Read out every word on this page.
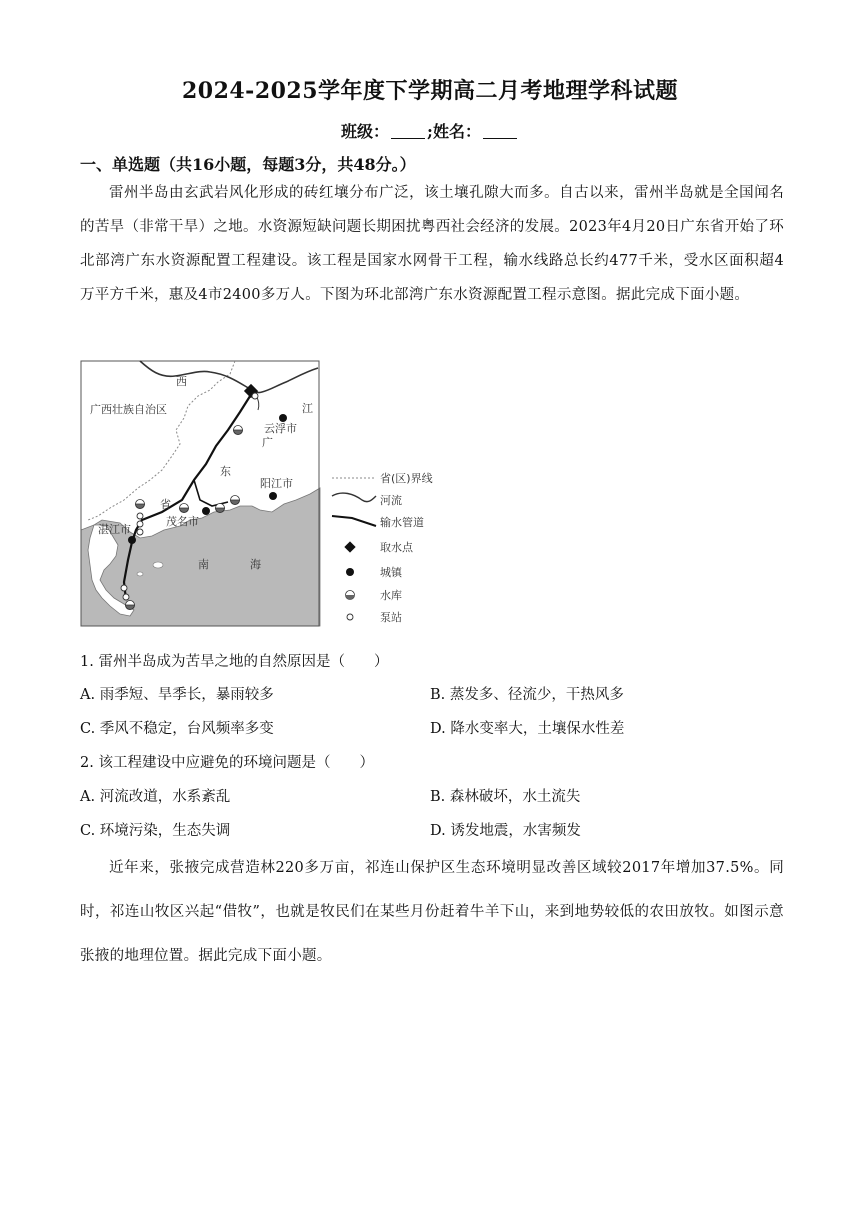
2024-2025学年度下学期高二月考地理学科试题
班级： ;姓名：
一、单选题（共16小题，每题3分，共48分。）
雷州半岛由玄武岩风化形成的砖红壤分布广泛，该土壤孔隙大而多。自古以来，雷州半岛就是全国闻名的苦旱（非常干旱）之地。水资源短缺问题长期困扰粤西社会经济的发展。2023年4月20日广东省开始了环北部湾广东水资源配置工程建设。该工程是国家水网骨干工程，输水线路总长约477千米，受水区面积超4万平方千米，惠及4市2400多万人。下图为环北部湾广东水资源配置工程示意图。据此完成下面小题。
西
江
广西壮族自治区
云浮市
广
东
省
阳江市
茂名市
湛江市
南	海
省(区)界线
河流
输水管道
取水点
城镇
水库
泵站
1. 雷州半岛成为苦旱之地的自然原因是（　　）
A. 雨季短、旱季长，暴雨较多	B. 蒸发多、径流少，干热风多
C. 季风不稳定，台风频率多变	D. 降水变率大，土壤保水性差
2. 该工程建设中应避免的环境问题是（　　）
A. 河流改道，水系紊乱	B. 森林破坏，水土流失
C. 环境污染，生态失调	D. 诱发地震，水害频发
近年来，张掖完成营造林220多万亩，祁连山保护区生态环境明显改善区域较2017年增加37.5%。同时，祁连山牧区兴起“借牧”，也就是牧民们在某些月份赶着牛羊下山，来到地势较低的农田放牧。如图示意张掖的地理位置。据此完成下面小题。
